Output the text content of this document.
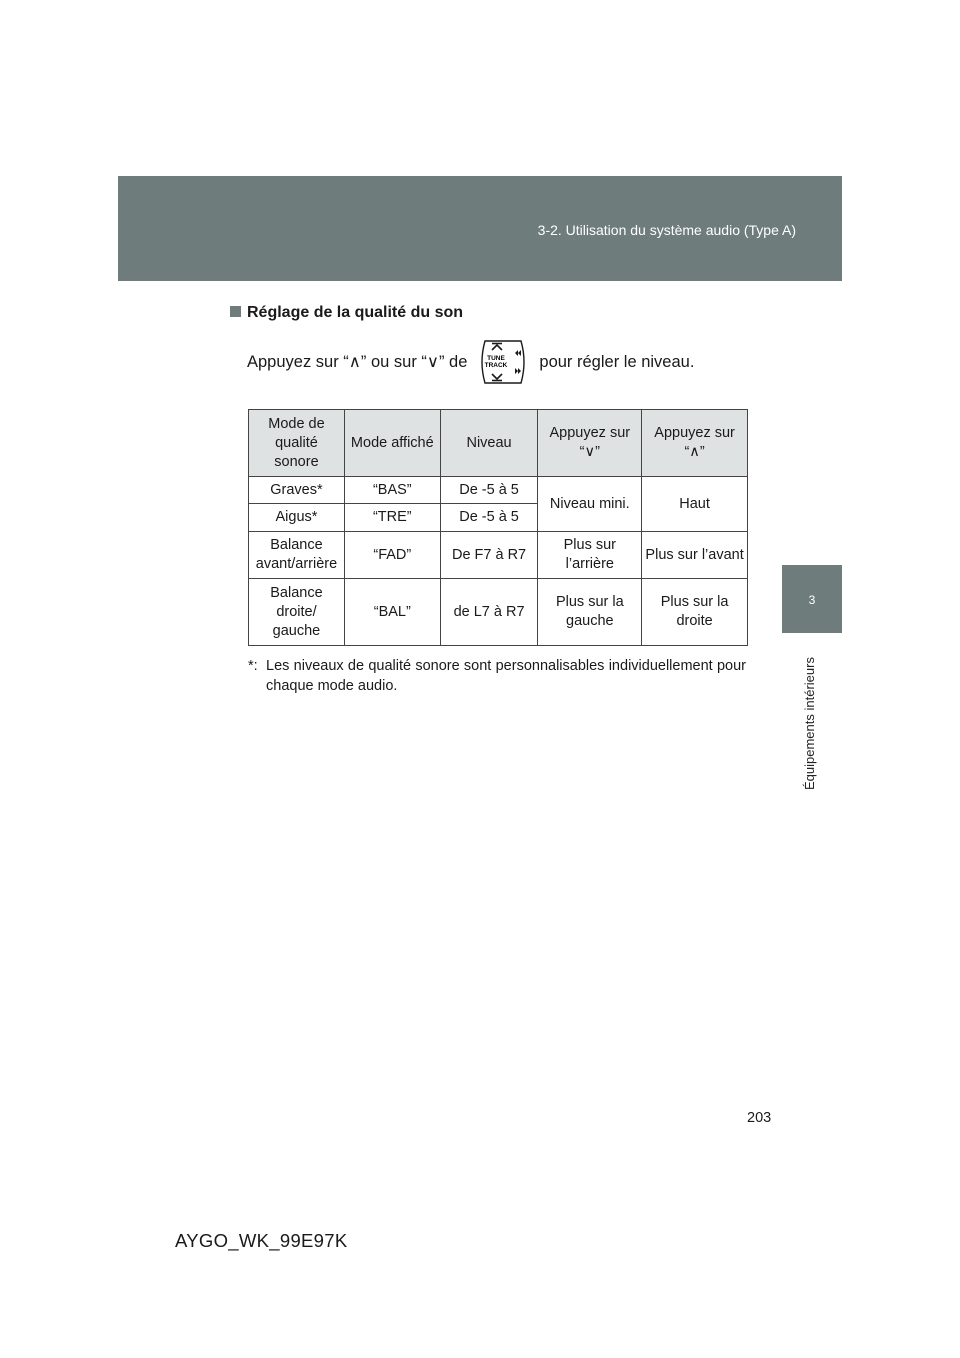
3-2. Utilisation du système audio (Type A)
3
Équipements intérieurs
Réglage de la qualité du son
Appuyez sur “∧” ou sur “∨” de	TUNE
TRACK pour régler le niveau.
Mode de qualité sonore	Mode affiché	Niveau	Appuyez sur “∨”	Appuyez sur “∧”
Graves*	“BAS”	De -5 à 5	Niveau mini.	Haut
Aigus*	“TRE”	De -5 à 5		
Balance avant/arrière	“FAD”	De F7 à R7	Plus sur l’arrière	Plus sur l’avant
Balance droite/ gauche	“BAL”	de L7 à R7	Plus sur la gauche	Plus sur la droite
*: Les niveaux de qualité sonore sont personnalisables individuellement pour chaque mode audio.
203
AYGO_WK_99E97K
